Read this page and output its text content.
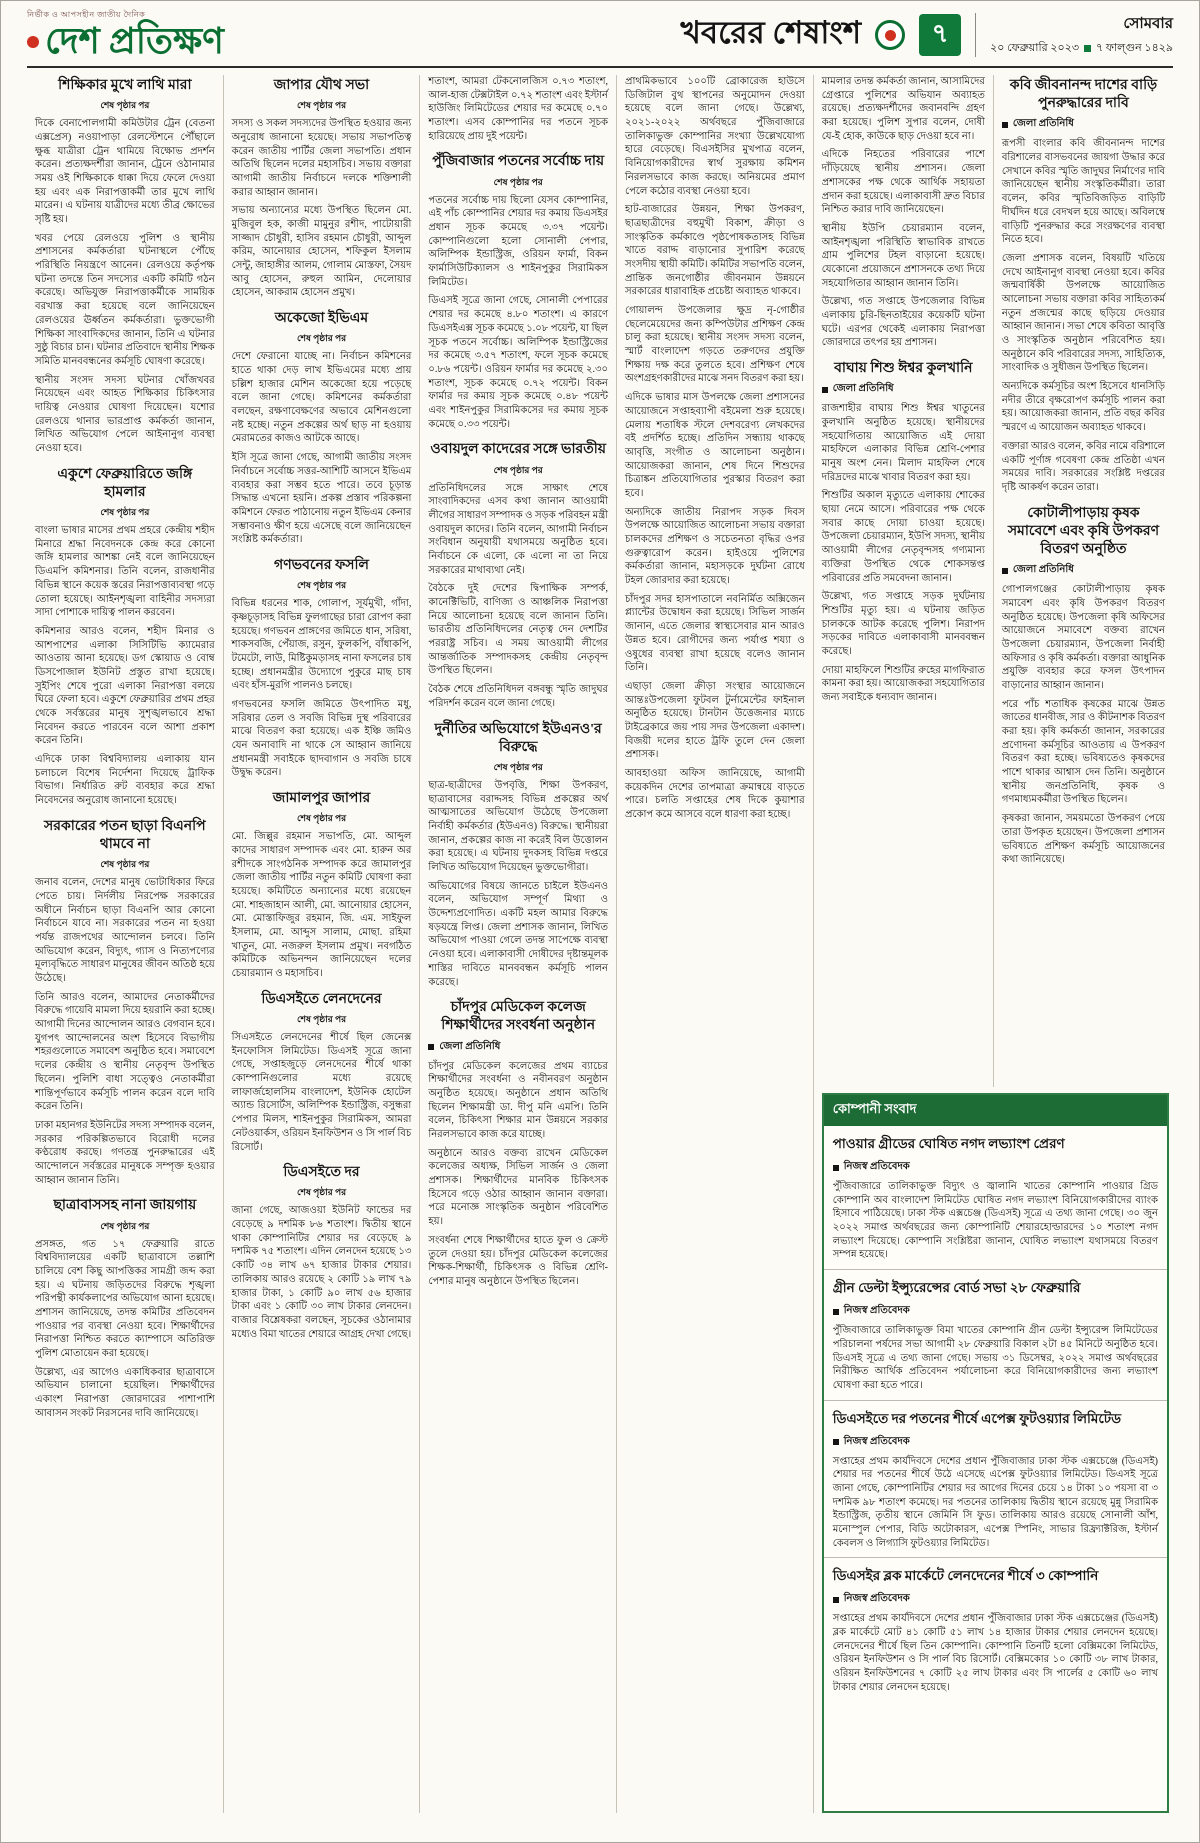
নির্ভীক ও আপসহীন জাতীয় দৈনিক
দেশ প্রতিক্ষণ	খবরের শেষাংশ	৭	সোমবার
২০ ফেব্রুয়ারি ২০২৩ ৭ ফাল্গুন ১৪২৯
শিক্ষিকার মুখে লাথি মারা
শেষ পৃষ্ঠার পর

দিকে বেনাপোলগামী কমিউটার ট্রেন (বেতনা এক্সপ্রেস) নওয়াপাড়া রেলস্টেশনে পৌঁছালে ক্ষুব্ধ যাত্রীরা ট্রেন থামিয়ে বিক্ষোভ প্রদর্শন করেন। প্রত্যক্ষদর্শীরা জানান, ট্রেনে ওঠানামার সময় ওই শিক্ষিকাকে ধাক্কা দিয়ে ফেলে দেওয়া হয় এবং এক নিরাপত্তাকর্মী তার মুখে লাথি মারেন। এ ঘটনায় যাত্রীদের মধ্যে তীব্র ক্ষোভের সৃষ্টি হয়।

খবর পেয়ে রেলওয়ে পুলিশ ও স্থানীয় প্রশাসনের কর্মকর্তারা ঘটনাস্থলে পৌঁছে পরিস্থিতি নিয়ন্ত্রণে আনেন। রেলওয়ে কর্তৃপক্ষ ঘটনা তদন্তে তিন সদস্যের একটি কমিটি গঠন করেছে। অভিযুক্ত নিরাপত্তাকর্মীকে সাময়িক বরখাস্ত করা হয়েছে বলে জানিয়েছেন রেলওয়ের ঊর্ধ্বতন কর্মকর্তারা। ভুক্তভোগী শিক্ষিকা সাংবাদিকদের জানান, তিনি এ ঘটনার সুষ্ঠু বিচার চান। ঘটনার প্রতিবাদে স্থানীয় শিক্ষক সমিতি মানববন্ধনের কর্মসূচি ঘোষণা করেছে।

স্থানীয় সংসদ সদস্য ঘটনার খোঁজখবর নিয়েছেন এবং আহত শিক্ষিকার চিকিৎসার দায়িত্ব নেওয়ার ঘোষণা দিয়েছেন। যশোর রেলওয়ে থানার ভারপ্রাপ্ত কর্মকর্তা জানান, লিখিত অভিযোগ পেলে আইনানুগ ব্যবস্থা নেওয়া হবে।

একুশে ফেব্রুয়ারিতে জঙ্গি হামলার
শেষ পৃষ্ঠার পর

বাংলা ভাষার মাসের প্রথম প্রহরে কেন্দ্রীয় শহীদ মিনারে শ্রদ্ধা নিবেদনকে কেন্দ্র করে কোনো জঙ্গি হামলার আশঙ্কা নেই বলে জানিয়েছেন ডিএমপি কমিশনার। তিনি বলেন, রাজধানীর বিভিন্ন স্থানে কয়েক স্তরের নিরাপত্তাব্যবস্থা গড়ে তোলা হয়েছে। আইনশৃঙ্খলা বাহিনীর সদস্যরা সাদা পোশাকে দায়িত্ব পালন করবেন।

কমিশনার আরও বলেন, শহীদ মিনার ও আশপাশের এলাকা সিসিটিভি ক্যামেরার আওতায় আনা হয়েছে। ডগ স্কোয়াড ও বোম্ব ডিসপোজাল ইউনিট প্রস্তুত রাখা হয়েছে। সুইপিং শেষে পুরো এলাকা নিরাপত্তা বলয়ে ঘিরে ফেলা হবে। একুশে ফেব্রুয়ারির প্রথম প্রহর থেকে সর্বস্তরের মানুষ সুশৃঙ্খলভাবে শ্রদ্ধা নিবেদন করতে পারবেন বলে আশা প্রকাশ করেন তিনি।

এদিকে ঢাকা বিশ্ববিদ্যালয় এলাকায় যান চলাচলে বিশেষ নির্দেশনা দিয়েছে ট্রাফিক বিভাগ। নির্ধারিত রুট ব্যবহার করে শ্রদ্ধা নিবেদনের অনুরোধ জানানো হয়েছে।

সরকারের পতন ছাড়া বিএনপি থামবে না
শেষ পৃষ্ঠার পর

জনাব বলেন, দেশের মানুষ ভোটাধিকার ফিরে পেতে চায়। নির্দলীয় নিরপেক্ষ সরকারের অধীনে নির্বাচন ছাড়া বিএনপি আর কোনো নির্বাচনে যাবে না। সরকারের পতন না হওয়া পর্যন্ত রাজপথের আন্দোলন চলবে। তিনি অভিযোগ করেন, বিদ্যুৎ, গ্যাস ও নিত্যপণ্যের মূল্যবৃদ্ধিতে সাধারণ মানুষের জীবন অতিষ্ঠ হয়ে উঠেছে।

তিনি আরও বলেন, আমাদের নেতাকর্মীদের বিরুদ্ধে গায়েবি মামলা দিয়ে হয়রানি করা হচ্ছে। আগামী দিনের আন্দোলন আরও বেগবান হবে। যুগপৎ আন্দোলনের অংশ হিসেবে বিভাগীয় শহরগুলোতে সমাবেশ অনুষ্ঠিত হবে। সমাবেশে দলের কেন্দ্রীয় ও স্থানীয় নেতৃবৃন্দ উপস্থিত ছিলেন। পুলিশি বাধা সত্ত্বেও নেতাকর্মীরা শান্তিপূর্ণভাবে কর্মসূচি পালন করেন বলে দাবি করেন তিনি।

ঢাকা মহানগর ইউনিটের সদস্য সম্পাদক বলেন, সরকার পরিকল্পিতভাবে বিরোধী দলের কণ্ঠরোধ করছে। গণতন্ত্র পুনরুদ্ধারের এই আন্দোলনে সর্বস্তরের মানুষকে সম্পৃক্ত হওয়ার আহ্বান জানান তিনি।

ছাত্রাবাসসহ নানা জায়গায়
শেষ পৃষ্ঠার পর

প্রসঙ্গত, গত ১৭ ফেব্রুয়ারি রাতে বিশ্ববিদ্যালয়ের একটি ছাত্রাবাসে তল্লাশি চালিয়ে বেশ কিছু আপত্তিকর সামগ্রী জব্দ করা হয়। এ ঘটনায় জড়িতদের বিরুদ্ধে শৃঙ্খলা পরিপন্থী কার্যকলাপের অভিযোগ আনা হয়েছে। প্রশাসন জানিয়েছে, তদন্ত কমিটির প্রতিবেদন পাওয়ার পর ব্যবস্থা নেওয়া হবে। শিক্ষার্থীদের নিরাপত্তা নিশ্চিত করতে ক্যাম্পাসে অতিরিক্ত পুলিশ মোতায়েন করা হয়েছে।

উল্লেখ্য, এর আগেও একাধিকবার ছাত্রাবাসে অভিযান চালানো হয়েছিল। শিক্ষার্থীদের একাংশ নিরাপত্তা জোরদারের পাশাপাশি আবাসন সংকট নিরসনের দাবি জানিয়েছে।

জাপার যৌথ সভা
শেষ পৃষ্ঠার পর

সদস্য ও সকল সদস্যদের উপস্থিত হওয়ার জন্য অনুরোধ জানানো হয়েছে। সভায় সভাপতিত্ব করেন জাতীয় পার্টির জেলা সভাপতি। প্রধান অতিথি ছিলেন দলের মহাসচিব। সভায় বক্তারা আগামী জাতীয় নির্বাচনে দলকে শক্তিশালী করার আহ্বান জানান।

সভায় অন্যান্যের মধ্যে উপস্থিত ছিলেন মো. মুজিবুল হক, কাজী মামুনুর রশীদ, পাটোয়ারী সাজ্জাদ চৌধুরী, হাসিব রহমান চৌধুরী, আব্দুল করিম, আনোয়ার হোসেন, শফিকুল ইসলাম সেন্টু, জাহাঙ্গীর আলম, গোলাম মোস্তফা, সৈয়দ আবু হোসেন, রুহুল আমিন, দেলোয়ার হোসেন, আকরাম হোসেন প্রমুখ।

অকেজো ইভিএম
শেষ পৃষ্ঠার পর

দেশে ফেরানো যাচ্ছে না। নির্বাচন কমিশনের হাতে থাকা দেড় লাখ ইভিএমের মধ্যে প্রায় চল্লিশ হাজার মেশিন অকেজো হয়ে পড়েছে বলে জানা গেছে। কমিশনের কর্মকর্তারা বলছেন, রক্ষণাবেক্ষণের অভাবে মেশিনগুলো নষ্ট হচ্ছে। নতুন প্রকল্পের অর্থ ছাড় না হওয়ায় মেরামতের কাজও আটকে আছে।

ইসি সূত্রে জানা গেছে, আগামী জাতীয় সংসদ নির্বাচনে সর্বোচ্চ সত্তর-আশিটি আসনে ইভিএম ব্যবহার করা সম্ভব হতে পারে। তবে চূড়ান্ত সিদ্ধান্ত এখনো হয়নি। প্রকল্প প্রস্তাব পরিকল্পনা কমিশনে ফেরত পাঠানোয় নতুন ইভিএম কেনার সম্ভাবনাও ক্ষীণ হয়ে এসেছে বলে জানিয়েছেন সংশ্লিষ্ট কর্মকর্তারা।

গণভবনের ফসলি
শেষ পৃষ্ঠার পর

বিভিন্ন ধরনের শাক, গোলাপ, সূর্যমুখী, গাঁদা, কৃষ্ণচূড়াসহ বিভিন্ন ফুলগাছের চারা রোপণ করা হয়েছে। গণভবন প্রাঙ্গণের জমিতে ধান, সরিষা, শাকসবজি, পেঁয়াজ, রসুন, ফুলকপি, বাঁধাকপি, টমেটো, লাউ, মিষ্টিকুমড়াসহ নানা ফসলের চাষ হচ্ছে। প্রধানমন্ত্রীর উদ্যোগে পুকুরে মাছ চাষ এবং হাঁস-মুরগি পালনও চলছে।

গণভবনের ফসলি জমিতে উৎপাদিত মধু, সরিষার তেল ও সবজি বিভিন্ন দুস্থ পরিবারের মাঝে বিতরণ করা হয়েছে। এক ইঞ্চি জমিও যেন অনাবাদি না থাকে সে আহ্বান জানিয়ে প্রধানমন্ত্রী সবাইকে ছাদবাগান ও সবজি চাষে উদ্বুদ্ধ করেন।

জামালপুর জাপার
শেষ পৃষ্ঠার পর

মো. জিল্লুর রহমান সভাপতি, মো. আব্দুল কাদের সাধারণ সম্পাদক এবং মো. হারুন অর রশীদকে সাংগঠনিক সম্পাদক করে জামালপুর জেলা জাতীয় পার্টির নতুন কমিটি ঘোষণা করা হয়েছে। কমিটিতে অন্যান্যের মধ্যে রয়েছেন মো. শাহজাহান আলী, মো. আনোয়ার হোসেন, মো. মোস্তাফিজুর রহমান, জি. এম. সাইফুল ইসলাম, মো. আব্দুস সালাম, মোছা. রহিমা খাতুন, মো. নজরুল ইসলাম প্রমুখ। নবগঠিত কমিটিকে অভিনন্দন জানিয়েছেন দলের চেয়ারম্যান ও মহাসচিব।

ডিএসইতে লেনদেনের
শেষ পৃষ্ঠার পর

সিএসইতে লেনদেনের শীর্ষে ছিল জেনেক্স ইনফোসিস লিমিটেড। ডিএসই সূত্রে জানা গেছে, সপ্তাহজুড়ে লেনদেনের শীর্ষে থাকা কোম্পানিগুলোর মধ্যে রয়েছে লাফার্জহোলসিম বাংলাদেশ, ইউনিক হোটেল অ্যান্ড রিসোর্টস, অলিম্পিক ইন্ডাস্ট্রিজ, বসুন্ধরা পেপার মিলস, শাইনপুকুর সিরামিকস, আমরা নেটওয়ার্কস, ওরিয়ন ইনফিউশন ও সি পার্ল বিচ রিসোর্ট।

ডিএসইতে দর
শেষ পৃষ্ঠার পর

জানা গেছে, আজওয়া ইউনিট ফান্ডের দর বেড়েছে ৯ দশমিক ৮৬ শতাংশ। দ্বিতীয় স্থানে থাকা কোম্পানিটির শেয়ার দর বেড়েছে ৯ দশমিক ৭৫ শতাংশ। এদিন লেনদেন হয়েছে ১৩ কোটি ৩৪ লাখ ৬৭ হাজার টাকার শেয়ার। তালিকায় আরও রয়েছে ২ কোটি ১৯ লাখ ৭৯ হাজার টাকা, ১ কোটি ৯০ লাখ ৫৬ হাজার টাকা এবং ১ কোটি ৩০ লাখ টাকার লেনদেন। বাজার বিশ্লেষকরা বলছেন, সূচকের ওঠানামার মধ্যেও বিমা খাতের শেয়ারে আগ্রহ দেখা গেছে।

শতাংশ, আমরা টেকনোলজিস ০.৭৩ শতাংশ, আল-হাজ টেক্সটাইল ০.৭২ শতাংশ এবং ইস্টার্ন হাউজিং লিমিটেডের শেয়ার দর কমেছে ০.৭০ শতাংশ। এসব কোম্পানির দর পতনে সূচক হারিয়েছে প্রায় দুই পয়েন্ট।

পুঁজিবাজার পতনের সর্বোচ্চ দায়
শেষ পৃষ্ঠার পর

পতনের সর্বোচ্চ দায় ছিলো যেসব কোম্পানির, এই পাঁচ কোম্পানির শেয়ার দর কমায় ডিএসইর প্রধান সূচক কমেছে ৩.৩৭ পয়েন্ট। কোম্পানিগুলো হলো সোনালী পেপার, অলিম্পিক ইন্ডাস্ট্রিজ, ওরিয়ন ফার্মা, বিকন ফার্মাসিউটিক্যালস ও শাইনপুকুর সিরামিকস লিমিটেড।

ডিএসই সূত্রে জানা গেছে, সোনালী পেপারের শেয়ার দর কমেছে ৪.৮০ শতাংশ। এ কারণে ডিএসইএক্স সূচক কমেছে ১.০৮ পয়েন্ট, যা ছিল সূচক পতনে সর্বোচ্চ। অলিম্পিক ইন্ডাস্ট্রিজের দর কমেছে ৩.৫৭ শতাংশ, ফলে সূচক কমেছে ০.৮৬ পয়েন্ট। ওরিয়ন ফার্মার দর কমেছে ২.৩০ শতাংশ, সূচক কমেছে ০.৭২ পয়েন্ট। বিকন ফার্মার দর কমায় সূচক কমেছে ০.৪৮ পয়েন্ট এবং শাইনপুকুর সিরামিকসের দর কমায় সূচক কমেছে ০.৩৩ পয়েন্ট।

ওবায়দুল কাদেরের সঙ্গে ভারতীয়
শেষ পৃষ্ঠার পর

প্রতিনিধিদলের সঙ্গে সাক্ষাৎ শেষে সাংবাদিকদের এসব কথা জানান আওয়ামী লীগের সাধারণ সম্পাদক ও সড়ক পরিবহন মন্ত্রী ওবায়দুল কাদের। তিনি বলেন, আগামী নির্বাচন সংবিধান অনুযায়ী যথাসময়ে অনুষ্ঠিত হবে। নির্বাচনে কে এলো, কে এলো না তা নিয়ে সরকারের মাথাব্যথা নেই।

বৈঠকে দুই দেশের দ্বিপাক্ষিক সম্পর্ক, কানেক্টিভিটি, বাণিজ্য ও আঞ্চলিক নিরাপত্তা নিয়ে আলোচনা হয়েছে বলে জানান তিনি। ভারতীয় প্রতিনিধিদলের নেতৃত্ব দেন দেশটির পররাষ্ট্র সচিব। এ সময় আওয়ামী লীগের আন্তর্জাতিক সম্পাদকসহ কেন্দ্রীয় নেতৃবৃন্দ উপস্থিত ছিলেন।

বৈঠক শেষে প্রতিনিধিদল বঙ্গবন্ধু স্মৃতি জাদুঘর পরিদর্শন করেন বলে জানা গেছে।

দুর্নীতির অভিযোগে ইউএনও'র বিরুদ্ধে
শেষ পৃষ্ঠার পর

ছাত্র-ছাত্রীদের উপবৃত্তি, শিক্ষা উপকরণ, ছাত্রাবাসের বরাদ্দসহ বিভিন্ন প্রকল্পের অর্থ আত্মসাতের অভিযোগ উঠেছে উপজেলা নির্বাহী কর্মকর্তার (ইউএনও) বিরুদ্ধে। স্থানীয়রা জানান, প্রকল্পের কাজ না করেই বিল উত্তোলন করা হয়েছে। এ ঘটনায় দুদকসহ বিভিন্ন দপ্তরে লিখিত অভিযোগ দিয়েছেন ভুক্তভোগীরা।

অভিযোগের বিষয়ে জানতে চাইলে ইউএনও বলেন, অভিযোগ সম্পূর্ণ মিথ্যা ও উদ্দেশ্যপ্রণোদিত। একটি মহল আমার বিরুদ্ধে ষড়যন্ত্রে লিপ্ত। জেলা প্রশাসক জানান, লিখিত অভিযোগ পাওয়া গেলে তদন্ত সাপেক্ষে ব্যবস্থা নেওয়া হবে। এলাকাবাসী দোষীদের দৃষ্টান্তমূলক শাস্তির দাবিতে মানববন্ধন কর্মসূচি পালন করেছে।

চাঁদপুর মেডিকেল কলেজ শিক্ষার্থীদের সংবর্ধনা অনুষ্ঠান
জেলা প্রতিনিধি

চাঁদপুর মেডিকেল কলেজের প্রথম ব্যাচের শিক্ষার্থীদের সংবর্ধনা ও নবীনবরণ অনুষ্ঠান অনুষ্ঠিত হয়েছে। অনুষ্ঠানে প্রধান অতিথি ছিলেন শিক্ষামন্ত্রী ডা. দীপু মনি এমপি। তিনি বলেন, চিকিৎসা শিক্ষার মান উন্নয়নে সরকার নিরলসভাবে কাজ করে যাচ্ছে।

অনুষ্ঠানে আরও বক্তব্য রাখেন মেডিকেল কলেজের অধ্যক্ষ, সিভিল সার্জন ও জেলা প্রশাসক। শিক্ষার্থীদের মানবিক চিকিৎসক হিসেবে গড়ে ওঠার আহ্বান জানান বক্তারা। পরে মনোজ্ঞ সাংস্কৃতিক অনুষ্ঠান পরিবেশিত হয়।

সংবর্ধনা শেষে শিক্ষার্থীদের হাতে ফুল ও ক্রেস্ট তুলে দেওয়া হয়। চাঁদপুর মেডিকেল কলেজের শিক্ষক-শিক্ষার্থী, চিকিৎসক ও বিভিন্ন শ্রেণি-পেশার মানুষ অনুষ্ঠানে উপস্থিত ছিলেন।

প্রাথমিকভাবে ১০০টি ব্রোকারেজ হাউসে ডিজিটাল বুথ স্থাপনের অনুমোদন দেওয়া হয়েছে বলে জানা গেছে। উল্লেখ্য, ২০২১-২০২২ অর্থবছরে পুঁজিবাজারে তালিকাভুক্ত কোম্পানির সংখ্যা উল্লেখযোগ্য হারে বেড়েছে। বিএসইসির মুখপাত্র বলেন, বিনিয়োগকারীদের স্বার্থ সুরক্ষায় কমিশন নিরলসভাবে কাজ করছে। অনিয়মের প্রমাণ পেলে কঠোর ব্যবস্থা নেওয়া হবে।

হাট-বাজারের উন্নয়ন, শিক্ষা উপকরণ, ছাত্রছাত্রীদের বহুমুখী বিকাশ, ক্রীড়া ও সাংস্কৃতিক কর্মকাণ্ডে পৃষ্ঠপোষকতাসহ বিভিন্ন খাতে বরাদ্দ বাড়ানোর সুপারিশ করেছে সংসদীয় স্থায়ী কমিটি। কমিটির সভাপতি বলেন, প্রান্তিক জনগোষ্ঠীর জীবনমান উন্নয়নে সরকারের ধারাবাহিক প্রচেষ্টা অব্যাহত থাকবে।

গোয়ালন্দ উপজেলার ক্ষুদ্র নৃ-গোষ্ঠীর ছেলেমেয়েদের জন্য কম্পিউটার প্রশিক্ষণ কেন্দ্র চালু করা হয়েছে। স্থানীয় সংসদ সদস্য বলেন, স্মার্ট বাংলাদেশ গড়তে তরুণদের প্রযুক্তি শিক্ষায় দক্ষ করে তুলতে হবে। প্রশিক্ষণ শেষে অংশগ্রহণকারীদের মাঝে সনদ বিতরণ করা হয়।

এদিকে ভাষার মাস উপলক্ষে জেলা প্রশাসনের আয়োজনে সপ্তাহব্যাপী বইমেলা শুরু হয়েছে। মেলায় শতাধিক স্টলে দেশবরেণ্য লেখকদের বই প্রদর্শিত হচ্ছে। প্রতিদিন সন্ধ্যায় থাকছে আবৃত্তি, সংগীত ও আলোচনা অনুষ্ঠান। আয়োজকরা জানান, শেষ দিনে শিশুদের চিত্রাঙ্কন প্রতিযোগিতার পুরস্কার বিতরণ করা হবে।

অন্যদিকে জাতীয় নিরাপদ সড়ক দিবস উপলক্ষে আয়োজিত আলোচনা সভায় বক্তারা চালকদের প্রশিক্ষণ ও সচেতনতা বৃদ্ধির ওপর গুরুত্বারোপ করেন। হাইওয়ে পুলিশের কর্মকর্তারা জানান, মহাসড়কে দুর্ঘটনা রোধে টহল জোরদার করা হয়েছে।

চাঁদপুর সদর হাসপাতালে নবনির্মিত অক্সিজেন প্ল্যান্টের উদ্বোধন করা হয়েছে। সিভিল সার্জন জানান, এতে জেলার স্বাস্থ্যসেবার মান আরও উন্নত হবে। রোগীদের জন্য পর্যাপ্ত শয্যা ও ওষুধের ব্যবস্থা রাখা হয়েছে বলেও জানান তিনি।

এছাড়া জেলা ক্রীড়া সংস্থার আয়োজনে আন্তঃউপজেলা ফুটবল টুর্নামেন্টের ফাইনাল অনুষ্ঠিত হয়েছে। টানটান উত্তেজনার ম্যাচে টাইব্রেকারে জয় পায় সদর উপজেলা একাদশ। বিজয়ী দলের হাতে ট্রফি তুলে দেন জেলা প্রশাসক।

আবহাওয়া অফিস জানিয়েছে, আগামী কয়েকদিন দেশের তাপমাত্রা ক্রমান্বয়ে বাড়তে পারে। চলতি সপ্তাহের শেষ দিকে কুয়াশার প্রকোপ কমে আসবে বলে ধারণা করা হচ্ছে।

মামলার তদন্ত কর্মকর্তা জানান, আসামিদের গ্রেপ্তারে পুলিশের অভিযান অব্যাহত রয়েছে। প্রত্যক্ষদর্শীদের জবানবন্দি গ্রহণ করা হয়েছে। পুলিশ সুপার বলেন, দোষী যে-ই হোক, কাউকে ছাড় দেওয়া হবে না।

এদিকে নিহতের পরিবারের পাশে দাঁড়িয়েছে স্থানীয় প্রশাসন। জেলা প্রশাসকের পক্ষ থেকে আর্থিক সহায়তা প্রদান করা হয়েছে। এলাকাবাসী দ্রুত বিচার নিশ্চিত করার দাবি জানিয়েছেন।

স্থানীয় ইউপি চেয়ারম্যান বলেন, আইনশৃঙ্খলা পরিস্থিতি স্বাভাবিক রাখতে গ্রাম পুলিশের টহল বাড়ানো হয়েছে। যেকোনো প্রয়োজনে প্রশাসনকে তথ্য দিয়ে সহযোগিতার আহ্বান জানান তিনি।

উল্লেখ্য, গত সপ্তাহে উপজেলার বিভিন্ন এলাকায় চুরি-ছিনতাইয়ের কয়েকটি ঘটনা ঘটে। এরপর থেকেই এলাকায় নিরাপত্তা জোরদারে তৎপর হয় প্রশাসন।

বাঘায় শিশু ঈশ্বর কুলখানি
জেলা প্রতিনিধি

রাজশাহীর বাঘায় শিশু ঈশ্বর খাতুনের কুলখানি অনুষ্ঠিত হয়েছে। স্থানীয়দের সহযোগিতায় আয়োজিত এই দোয়া মাহফিলে এলাকার বিভিন্ন শ্রেণি-পেশার মানুষ অংশ নেন। মিলাদ মাহফিল শেষে দরিদ্রদের মাঝে খাবার বিতরণ করা হয়।

শিশুটির অকাল মৃত্যুতে এলাকায় শোকের ছায়া নেমে আসে। পরিবারের পক্ষ থেকে সবার কাছে দোয়া চাওয়া হয়েছে। উপজেলা চেয়ারম্যান, ইউপি সদস্য, স্থানীয় আওয়ামী লীগের নেতৃবৃন্দসহ গণ্যমান্য ব্যক্তিরা উপস্থিত থেকে শোকসন্তপ্ত পরিবারের প্রতি সমবেদনা জানান।

উল্লেখ্য, গত সপ্তাহে সড়ক দুর্ঘটনায় শিশুটির মৃত্যু হয়। এ ঘটনায় জড়িত চালককে আটক করেছে পুলিশ। নিরাপদ সড়কের দাবিতে এলাকাবাসী মানববন্ধন করেছে।

দোয়া মাহফিলে শিশুটির রুহের মাগফিরাত কামনা করা হয়। আয়োজকরা সহযোগিতার জন্য সবাইকে ধন্যবাদ জানান।

কবি জীবনানন্দ দাশের বাড়ি পুনরুদ্ধারের দাবি
জেলা প্রতিনিধি

রূপসী বাংলার কবি জীবনানন্দ দাশের বরিশালের বাসভবনের জায়গা উদ্ধার করে সেখানে কবির স্মৃতি জাদুঘর নির্মাণের দাবি জানিয়েছেন স্থানীয় সংস্কৃতিকর্মীরা। তারা বলেন, কবির স্মৃতিবিজড়িত বাড়িটি দীর্ঘদিন ধরে বেদখল হয়ে আছে। অবিলম্বে বাড়িটি পুনরুদ্ধার করে সংরক্ষণের ব্যবস্থা নিতে হবে।

জেলা প্রশাসক বলেন, বিষয়টি খতিয়ে দেখে আইনানুগ ব্যবস্থা নেওয়া হবে। কবির জন্মবার্ষিকী উপলক্ষে আয়োজিত আলোচনা সভায় বক্তারা কবির সাহিত্যকর্ম নতুন প্রজন্মের কাছে ছড়িয়ে দেওয়ার আহ্বান জানান। সভা শেষে কবিতা আবৃত্তি ও সাংস্কৃতিক অনুষ্ঠান পরিবেশিত হয়। অনুষ্ঠানে কবি পরিবারের সদস্য, সাহিত্যিক, সাংবাদিক ও সুধীজন উপস্থিত ছিলেন।

অন্যদিকে কর্মসূচির অংশ হিসেবে ধানসিড়ি নদীর তীরে বৃক্ষরোপণ কর্মসূচি পালন করা হয়। আয়োজকরা জানান, প্রতি বছর কবির স্মরণে এ আয়োজন অব্যাহত থাকবে।

বক্তারা আরও বলেন, কবির নামে বরিশালে একটি পূর্ণাঙ্গ গবেষণা কেন্দ্র প্রতিষ্ঠা এখন সময়ের দাবি। সরকারের সংশ্লিষ্ট দপ্তরের দৃষ্টি আকর্ষণ করেন তারা।

কোটালীপাড়ায় কৃষক সমাবেশে এবং কৃষি উপকরণ বিতরণ অনুষ্ঠিত
জেলা প্রতিনিধি

গোপালগঞ্জের কোটালীপাড়ায় কৃষক সমাবেশ এবং কৃষি উপকরণ বিতরণ অনুষ্ঠিত হয়েছে। উপজেলা কৃষি অফিসের আয়োজনে সমাবেশে বক্তব্য রাখেন উপজেলা চেয়ারম্যান, উপজেলা নির্বাহী অফিসার ও কৃষি কর্মকর্তা। বক্তারা আধুনিক প্রযুক্তি ব্যবহার করে ফসল উৎপাদন বাড়ানোর আহ্বান জানান।

পরে পাঁচ শতাধিক কৃষকের মাঝে উন্নত জাতের ধানবীজ, সার ও কীটনাশক বিতরণ করা হয়। কৃষি কর্মকর্তা জানান, সরকারের প্রণোদনা কর্মসূচির আওতায় এ উপকরণ বিতরণ করা হচ্ছে। ভবিষ্যতেও কৃষকদের পাশে থাকার আশ্বাস দেন তিনি। অনুষ্ঠানে স্থানীয় জনপ্রতিনিধি, কৃষক ও গণমাধ্যমকর্মীরা উপস্থিত ছিলেন।

কৃষকরা জানান, সময়মতো উপকরণ পেয়ে তারা উপকৃত হয়েছেন। উপজেলা প্রশাসন ভবিষ্যতে প্রশিক্ষণ কর্মসূচি আয়োজনের কথা জানিয়েছে।

কোম্পানী সংবাদ
পাওয়ার গ্রীডের ঘোষিত নগদ লভ্যাংশ প্রেরণ
নিজস্ব প্রতিবেদক

পুঁজিবাজারে তালিকাভুক্ত বিদ্যুৎ ও জ্বালানি খাতের কোম্পানি পাওয়ার গ্রিড কোম্পানি অব বাংলাদেশ লিমিটেড ঘোষিত নগদ লভ্যাংশ বিনিয়োগকারীদের ব্যাংক হিসাবে পাঠিয়েছে। ঢাকা স্টক এক্সচেঞ্জ (ডিএসই) সূত্রে এ তথ্য জানা গেছে। ৩০ জুন ২০২২ সমাপ্ত অর্থবছরের জন্য কোম্পানিটি শেয়ারহোল্ডারদের ১০ শতাংশ নগদ লভ্যাংশ দিয়েছে। কোম্পানি সংশ্লিষ্টরা জানান, ঘোষিত লভ্যাংশ যথাসময়ে বিতরণ সম্পন্ন হয়েছে।

গ্রীন ডেল্টা ইন্স্যুরেন্সের বোর্ড সভা ২৮ ফেব্রুয়ারি
নিজস্ব প্রতিবেদক

পুঁজিবাজারে তালিকাভুক্ত বিমা খাতের কোম্পানি গ্রীন ডেল্টা ইন্স্যুরেন্স লিমিটেডের পরিচালনা পর্ষদের সভা আগামী ২৮ ফেব্রুয়ারি বিকাল ২টা ৪৫ মিনিটে অনুষ্ঠিত হবে। ডিএসই সূত্রে এ তথ্য জানা গেছে। সভায় ৩১ ডিসেম্বর, ২০২২ সমাপ্ত অর্থবছরের নিরীক্ষিত আর্থিক প্রতিবেদন পর্যালোচনা করে বিনিয়োগকারীদের জন্য লভ্যাংশ ঘোষণা করা হতে পারে।

ডিএসইতে দর পতনের শীর্ষে এপেক্স ফুটওয়্যার লিমিটেড
নিজস্ব প্রতিবেদক

সপ্তাহের প্রথম কার্যদিবসে দেশের প্রধান পুঁজিবাজার ঢাকা স্টক এক্সচেঞ্জে (ডিএসই) শেয়ার দর পতনের শীর্ষে উঠে এসেছে এপেক্স ফুটওয়্যার লিমিটেড। ডিএসই সূত্রে জানা গেছে, কোম্পানিটির শেয়ার দর আগের দিনের চেয়ে ১৪ টাকা ১০ পয়সা বা ৩ দশমিক ৯৮ শতাংশ কমেছে। দর পতনের তালিকায় দ্বিতীয় স্থানে রয়েছে মুন্নু সিরামিক ইন্ডাস্ট্রিজ, তৃতীয় স্থানে জেমিনি সি ফুড। তালিকায় আরও রয়েছে সোনালী আঁশ, মনোস্পুল পেপার, বিডি অটোকারস, এপেক্স স্পিনিং, সাভার রিফ্র্যাক্টরিজ, ইস্টার্ন কেবলস ও লিগ্যাসি ফুটওয়্যার লিমিটেড।

ডিএসইর ব্লক মার্কেটে লেনদেনের শীর্ষে ৩ কোম্পানি
নিজস্ব প্রতিবেদক

সপ্তাহের প্রথম কার্যদিবসে দেশের প্রধান পুঁজিবাজার ঢাকা স্টক এক্সচেঞ্জের (ডিএসই) ব্লক মার্কেটে মোট ৪১ কোটি ৫১ লাখ ১৪ হাজার টাকার শেয়ার লেনদেন হয়েছে। লেনদেনের শীর্ষে ছিল তিন কোম্পানি। কোম্পানি তিনটি হলো বেক্সিমকো লিমিটেড, ওরিয়ন ইনফিউশন ও সি পার্ল বিচ রিসোর্ট। বেক্সিমকোর ১০ কোটি ৩৮ লাখ টাকার, ওরিয়ন ইনফিউশনের ৭ কোটি ২৫ লাখ টাকার এবং সি পার্লের ৫ কোটি ৬০ লাখ টাকার শেয়ার লেনদেন হয়েছে।
